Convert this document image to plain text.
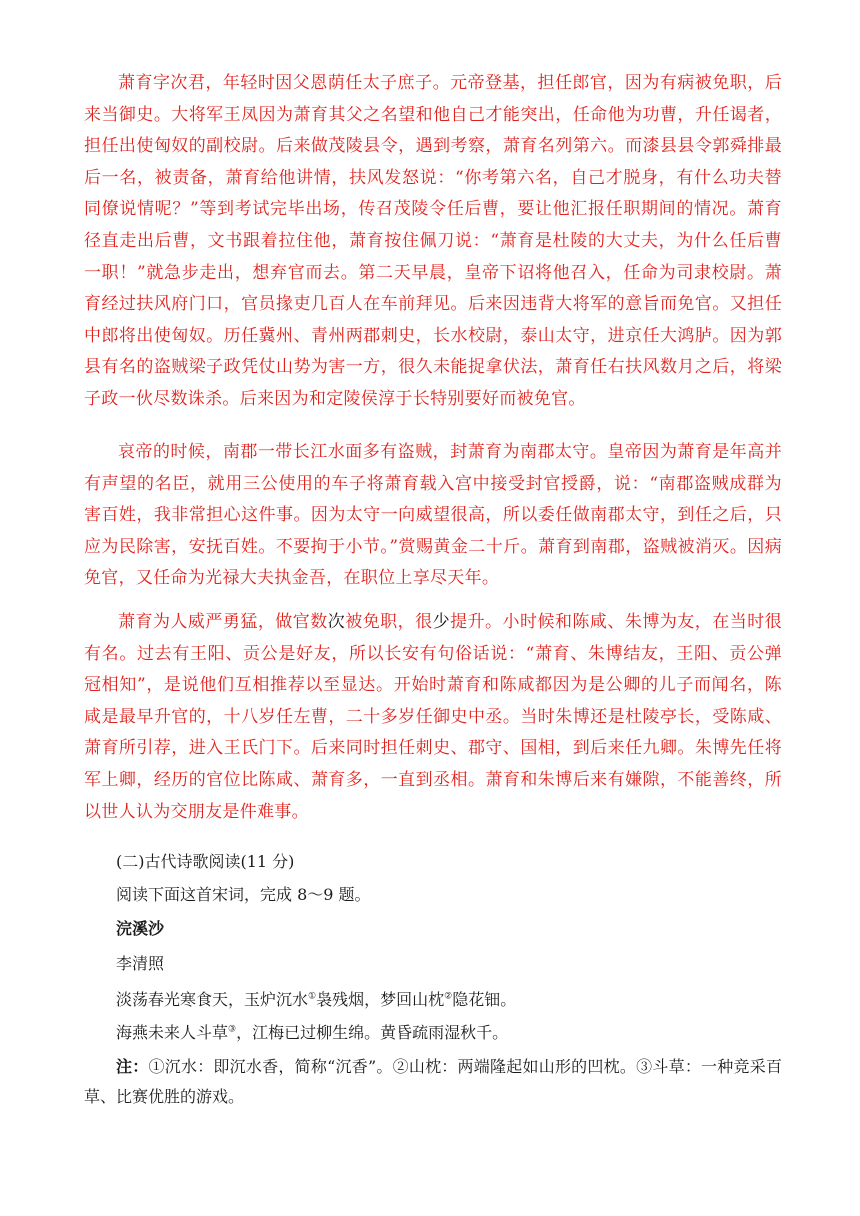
萧育字次君，年轻时因父恩荫任太子庶子。元帝登基，担任郎官，因为有病被免职，后来当御史。大将军王凤因为萧育其父之名望和他自己才能突出，任命他为功曹，升任谒者，担任出使匈奴的副校尉。后来做茂陵县令，遇到考察，萧育名列第六。而漆县县令郭舜排最后一名，被责备，萧育给他讲情，扶风发怒说：“你考第六名，自己才脱身，有什么功夫替同僚说情呢？”等到考试完毕出场，传召茂陵令任后曹，要让他汇报任职期间的情况。萧育径直走出后曹，文书跟着拉住他，萧育按住佩刀说：“萧育是杜陵的大丈夫，为什么任后曹一职！”就急步走出，想弃官而去。第二天早晨，皇帝下诏将他召入，任命为司隶校尉。萧育经过扶风府门口，官员掾吏几百人在车前拜见。后来因违背大将军的意旨而免官。又担任中郎将出使匈奴。历任冀州、青州两郡刺史，长水校尉，泰山太守，进京任大鸿胪。因为郭县有名的盗贼梁子政凭仗山势为害一方，很久未能捉拿伏法，萧育任右扶风数月之后，将梁子政一伙尽数诛杀。后来因为和定陵侯淳于长特别要好而被免官。

哀帝的时候，南郡一带长江水面多有盗贼，封萧育为南郡太守。皇帝因为萧育是年高并有声望的名臣，就用三公使用的车子将萧育载入宫中接受封官授爵，说：“南郡盗贼成群为害百姓，我非常担心这件事。因为太守一向威望很高，所以委任做南郡太守，到任之后，只应为民除害，安抚百姓。不要拘于小节。”赏赐黄金二十斤。萧育到南郡，盗贼被消灭。因病免官，又任命为光禄大夫执金吾，在职位上享尽天年。

萧育为人威严勇猛，做官数次被免职，很少提升。小时候和陈咸、朱博为友，在当时很有名。过去有王阳、贡公是好友，所以长安有句俗话说：“萧育、朱博结友，王阳、贡公弹冠相知”，是说他们互相推荐以至显达。开始时萧育和陈咸都因为是公卿的儿子而闻名，陈咸是最早升官的，十八岁任左曹，二十多岁任御史中丞。当时朱博还是杜陵亭长，受陈咸、萧育所引荐，进入王氏门下。后来同时担任刺史、郡守、国相，到后来任九卿。朱博先任将军上卿，经历的官位比陈咸、萧育多，一直到丞相。萧育和朱博后来有嫌隙，不能善终，所以世人认为交朋友是件难事。

(二)古代诗歌阅读(11 分)

阅读下面这首宋词，完成 8～9 题。

浣溪沙

李清照

淡荡春光寒食天，玉炉沉水①袅残烟，梦回山枕②隐花钿。

海燕未来人斗草③，江梅已过柳生绵。黄昏疏雨湿秋千。

注：①沉水：即沉水香，简称“沉香”。②山枕：两端隆起如山形的凹枕。③斗草：一种竞采百草、比赛优胜的游戏。
